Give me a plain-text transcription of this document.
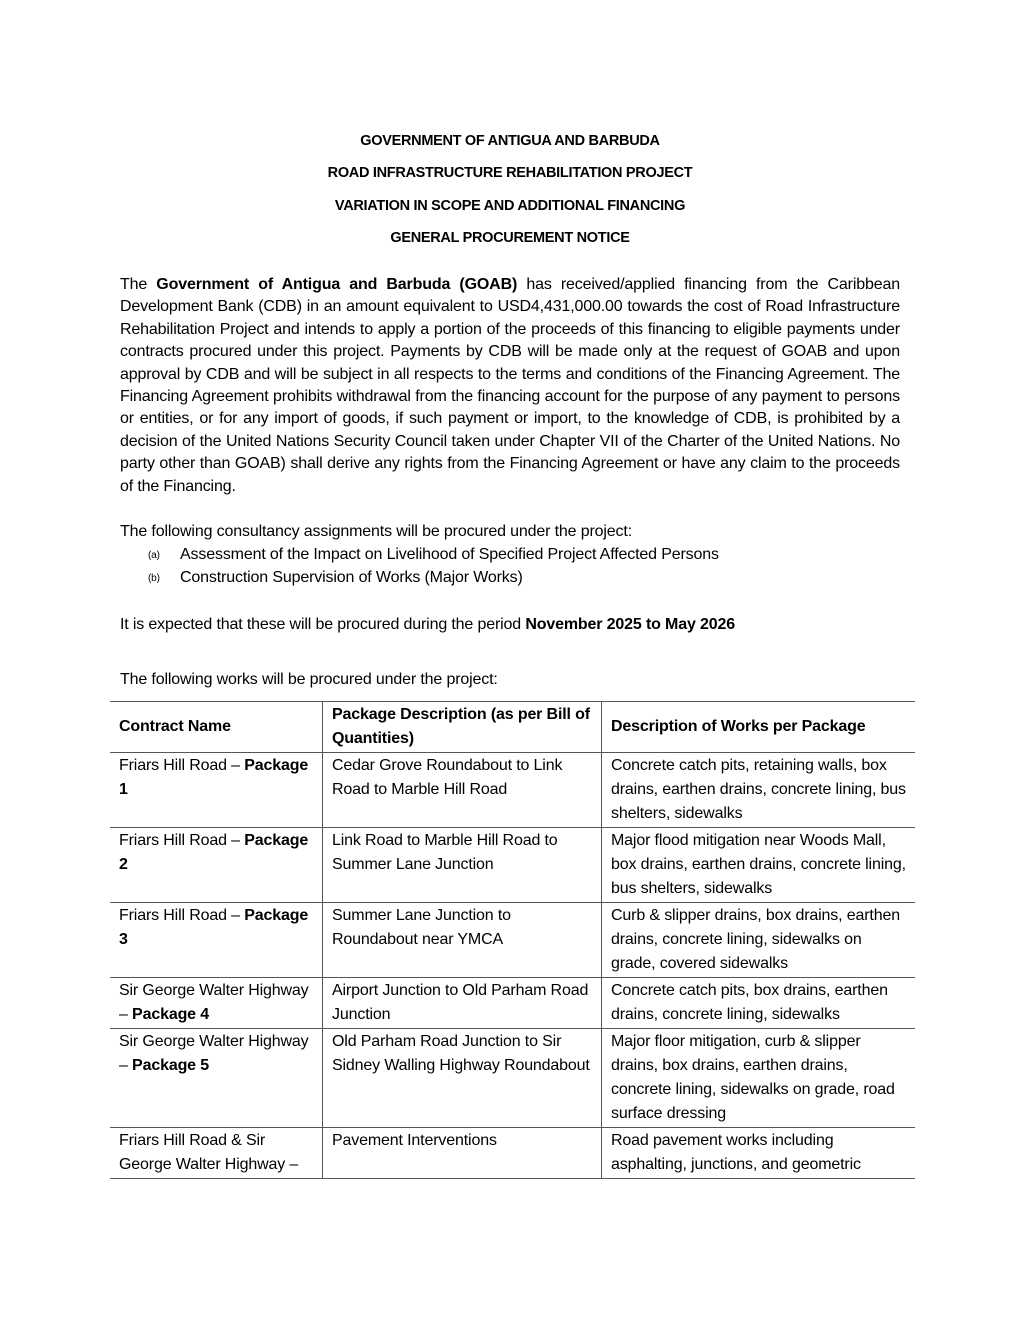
GOVERNMENT OF ANTIGUA AND BARBUDA
ROAD INFRASTRUCTURE REHABILITATION PROJECT
VARIATION IN SCOPE AND ADDITIONAL FINANCING
GENERAL PROCUREMENT NOTICE
The Government of Antigua and Barbuda (GOAB) has received/applied financing from the Caribbean Development Bank (CDB) in an amount equivalent to USD4,431,000.00 towards the cost of Road Infrastructure Rehabilitation Project and intends to apply a portion of the proceeds of this financing to eligible payments under contracts procured under this project. Payments by CDB will be made only at the request of GOAB and upon approval by CDB and will be subject in all respects to the terms and conditions of the Financing Agreement. The Financing Agreement prohibits withdrawal from the financing account for the purpose of any payment to persons or entities, or for any import of goods, if such payment or import, to the knowledge of CDB, is prohibited by a decision of the United Nations Security Council taken under Chapter VII of the Charter of the United Nations. No party other than GOAB) shall derive any rights from the Financing Agreement or have any claim to the proceeds of the Financing.
The following consultancy assignments will be procured under the project:
(a) Assessment of the Impact on Livelihood of Specified Project Affected Persons
(b) Construction Supervision of Works (Major Works)
It is expected that these will be procured during the period November 2025 to May 2026
The following works will be procured under the project:
Contract Name	Package Description (as per Bill of Quantities)	Description of Works per Package
Friars Hill Road – Package 1	Cedar Grove Roundabout to Link Road to Marble Hill Road	Concrete catch pits, retaining walls, box drains, earthen drains, concrete lining, bus shelters, sidewalks
Friars Hill Road – Package 2	Link Road to Marble Hill Road to Summer Lane Junction	Major flood mitigation near Woods Mall, box drains, earthen drains, concrete lining, bus shelters, sidewalks
Friars Hill Road – Package 3	Summer Lane Junction to Roundabout near YMCA	Curb & slipper drains, box drains, earthen drains, concrete lining, sidewalks on grade, covered sidewalks
Sir George Walter Highway – Package 4	Airport Junction to Old Parham Road Junction	Concrete catch pits, box drains, earthen drains, concrete lining, sidewalks
Sir George Walter Highway – Package 5	Old Parham Road Junction to Sir Sidney Walling Highway Roundabout	Major floor mitigation, curb & slipper drains, box drains, earthen drains, concrete lining, sidewalks on grade, road surface dressing
Friars Hill Road & Sir George Walter Highway –	Pavement Interventions	Road pavement works including asphalting, junctions, and geometric
